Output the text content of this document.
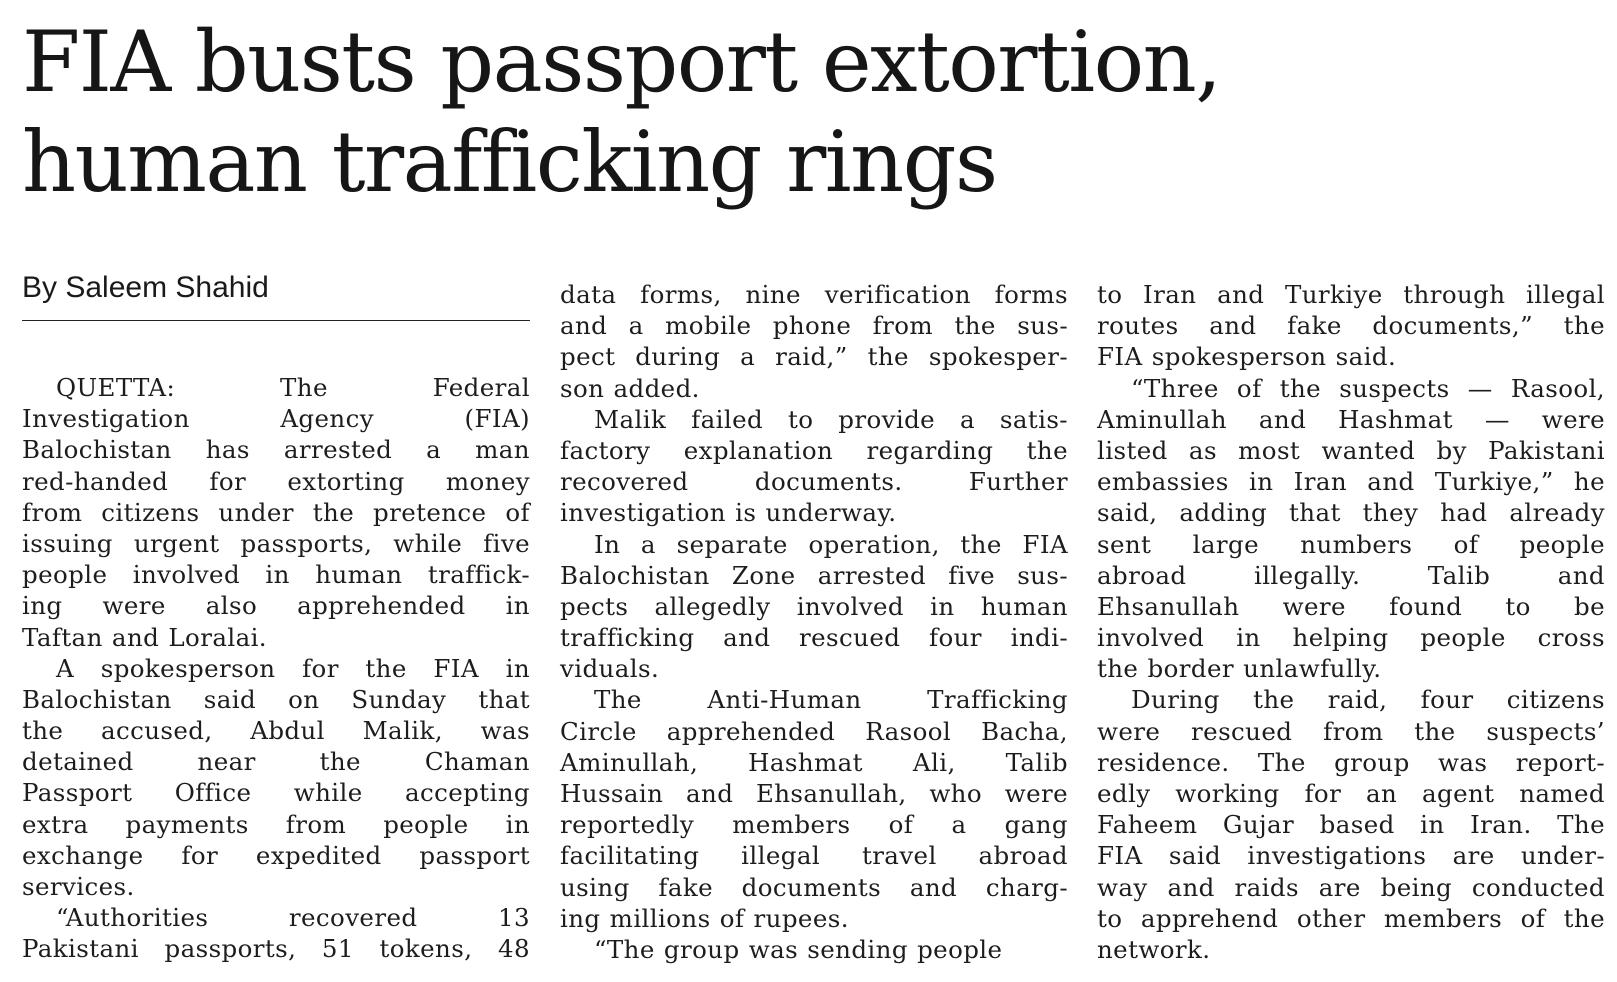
FIA busts passport extortion,
human trafficking rings
By Saleem Shahid
QUETTA: The Federal
Investigation Agency (FIA)
Balochistan has arrested a man
red-handed for extorting money
from citizens under the pretence of
issuing urgent passports, while five
people involved in human traffick-
ing were also apprehended in
Taftan and Loralai.
A spokesperson for the FIA in
Balochistan said on Sunday that
the accused, Abdul Malik, was
detained near the Chaman
Passport Office while accepting
extra payments from people in
exchange for expedited passport
services.
“Authorities recovered 13
Pakistani passports, 51 tokens, 48
data forms, nine verification forms
and a mobile phone from the sus-
pect during a raid,” the spokesper-
son added.
Malik failed to provide a satis-
factory explanation regarding the
recovered documents. Further
investigation is underway.
In a separate operation, the FIA
Balochistan Zone arrested five sus-
pects allegedly involved in human
trafficking and rescued four indi-
viduals.
The Anti-Human Trafficking
Circle apprehended Rasool Bacha,
Aminullah, Hashmat Ali, Talib
Hussain and Ehsanullah, who were
reportedly members of a gang
facilitating illegal travel abroad
using fake documents and charg-
ing millions of rupees.
“The group was sending people
to Iran and Turkiye through illegal
routes and fake documents,” the
FIA spokesperson said.
“Three of the suspects — Rasool,
Aminullah and Hashmat — were
listed as most wanted by Pakistani
embassies in Iran and Turkiye,” he
said, adding that they had already
sent large numbers of people
abroad illegally. Talib and
Ehsanullah were found to be
involved in helping people cross
the border unlawfully.
During the raid, four citizens
were rescued from the suspects’
residence. The group was report-
edly working for an agent named
Faheem Gujar based in Iran. The
FIA said investigations are under-
way and raids are being conducted
to apprehend other members of the
network.
